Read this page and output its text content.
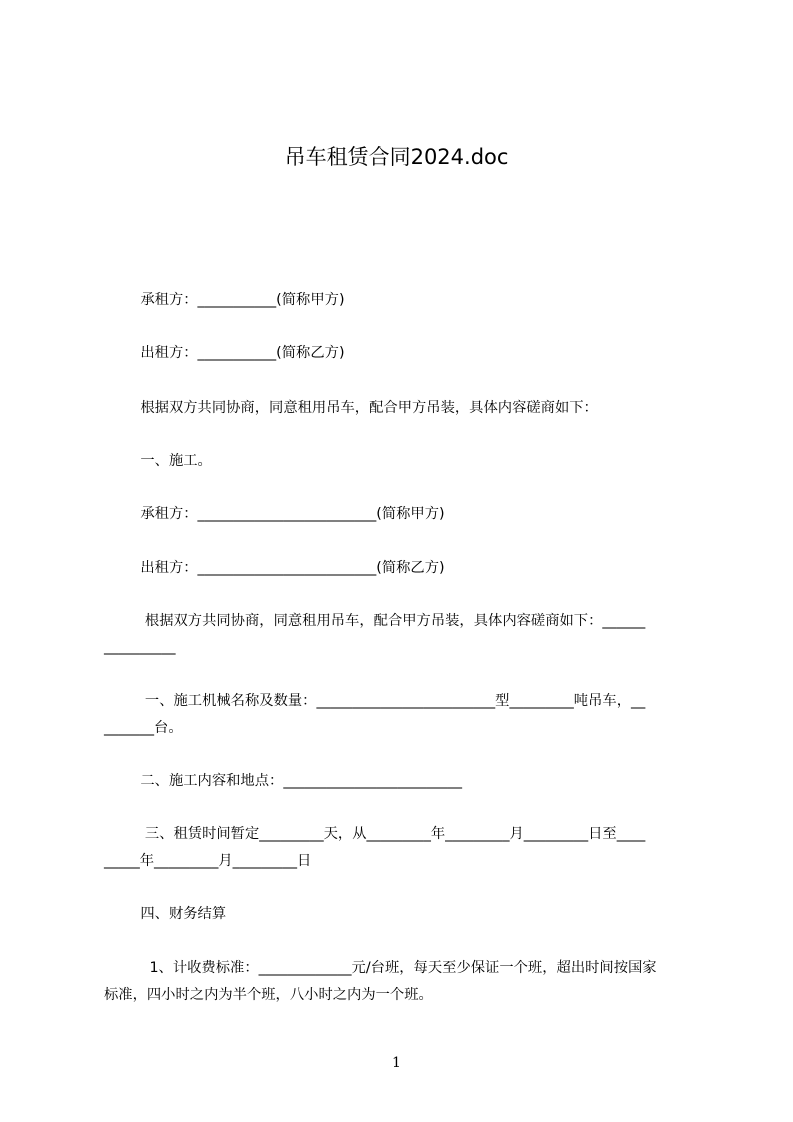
吊车租赁合同2024.doc
承租方：___________(简称甲方)
出租方：___________(简称乙方)
根据双方共同协商，同意租用吊车，配合甲方吊装，具体内容磋商如下：
一、施工。
承租方：_________________________(简称甲方)
出租方：_________________________(简称乙方)
根据双方共同协商，同意租用吊车，配合甲方吊装，具体内容磋商如下：______
__________
一、施工机械名称及数量：_________________________型_________吨吊车，__
_______台。
二、施工内容和地点：_________________________
三、租赁时间暂定_________天，从_________年_________月_________日至____
_____年_________月_________日
四、财务结算
1、计收费标准：_____________元/台班，每天至少保证一个班，超出时间按国家
标准，四小时之内为半个班，八小时之内为一个班。
1
